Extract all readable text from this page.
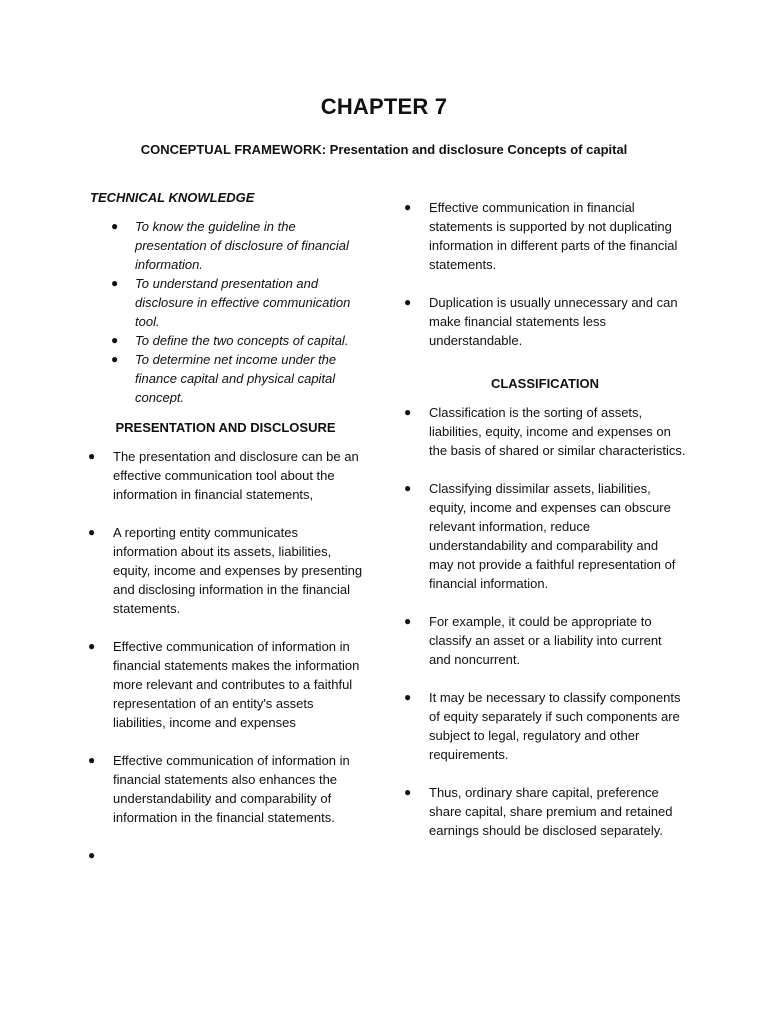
CHAPTER 7
CONCEPTUAL FRAMEWORK: Presentation and disclosure Concepts of capital
TECHNICAL KNOWLEDGE
● To know the guideline in the presentation of disclosure of financial information.
● To understand presentation and disclosure in effective communication tool.
● To define the two concepts of capital.
● To determine net income under the finance capital and physical capital concept.
PRESENTATION AND DISCLOSURE
● The presentation and disclosure can be an effective communication tool about the information in financial statements,
● A reporting entity communicates information about its assets, liabilities, equity, income and expenses by presenting and disclosing information in the financial statements.
● Effective communication of information in financial statements makes the information more relevant and contributes to a faithful representation of an entity's assets liabilities, income and expenses
● Effective communication of information in financial statements also enhances the understandability and comparability of information in the financial statements.
●
● Effective communication in financial statements is supported by not duplicating information in different parts of the financial statements.
● Duplication is usually unnecessary and can make financial statements less understandable.
CLASSIFICATION
● Classification is the sorting of assets, liabilities, equity, income and expenses on the basis of shared or similar characteristics.
● Classifying dissimilar assets, liabilities, equity, income and expenses can obscure relevant information, reduce understandability and comparability and may not provide a faithful representation of financial information.
● For example, it could be appropriate to classify an asset or a liability into current and noncurrent.
● It may be necessary to classify components of equity separately if such components are subject to legal, regulatory and other requirements.
● Thus, ordinary share capital, preference share capital, share premium and retained earnings should be disclosed separately.
